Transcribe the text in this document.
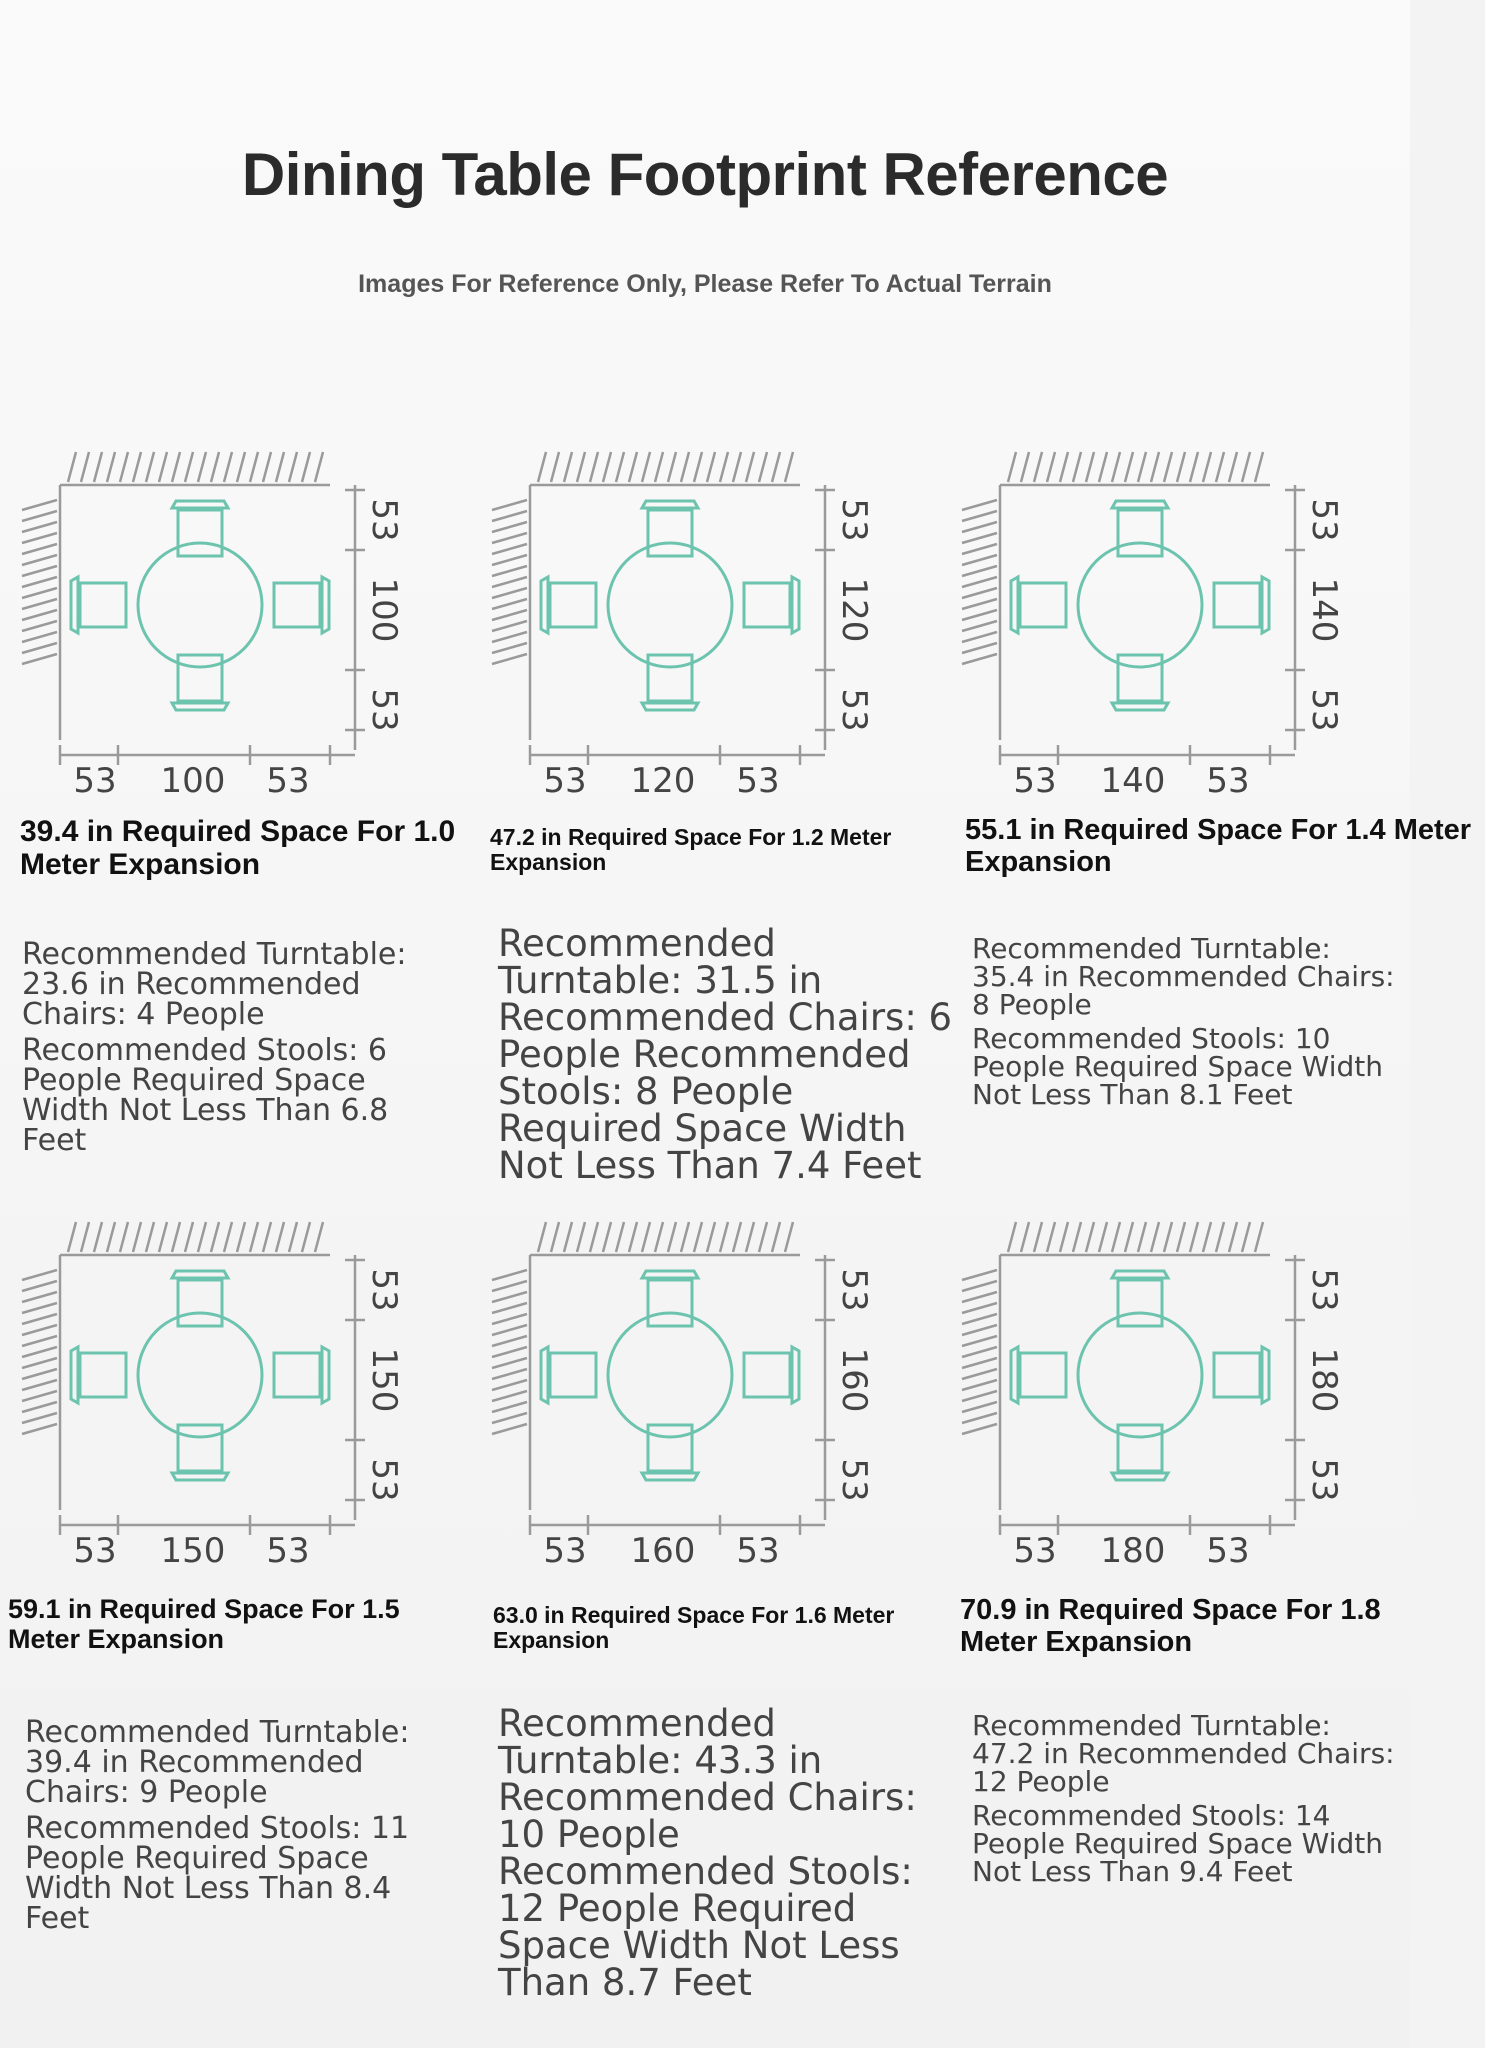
Dining Table Footprint Reference
Images For Reference Only, Please Refer To Actual Terrain
53
100
53
53 100 53
39.4 in Required Space For 1.0 Meter Expansion

Recommended Turntable: 23.6 in Recommended Chairs: 4 People

Recommended Stools: 6 People Required Space Width Not Less Than 6.8 Feet

53
120
53
53 120 53
47.2 in Required Space For 1.2 Meter Expansion

Recommended Turntable: 31.5 in Recommended Chairs: 6 People Recommended Stools: 8 People Required Space Width Not Less Than 7.4 Feet

53
140
53
53 140 53
55.1 in Required Space For 1.4 Meter Expansion

Recommended Turntable: 35.4 in Recommended Chairs: 8 People

Recommended Stools: 10 People Required Space Width Not Less Than 8.1 Feet

53
150
53
53 150 53
59.1 in Required Space For 1.5 Meter Expansion

Recommended Turntable: 39.4 in Recommended Chairs: 9 People

Recommended Stools: 11 People Required Space Width Not Less Than 8.4 Feet

53
160
53
53 160 53
63.0 in Required Space For 1.6 Meter Expansion

Recommended Turntable: 43.3 in Recommended Chairs: 10 People Recommended Stools: 12 People Required Space Width Not Less Than 8.7 Feet

53
180
53
53 180 53
70.9 in Required Space For 1.8 Meter Expansion

Recommended Turntable: 47.2 in Recommended Chairs: 12 People

Recommended Stools: 14 People Required Space Width Not Less Than 9.4 Feet
